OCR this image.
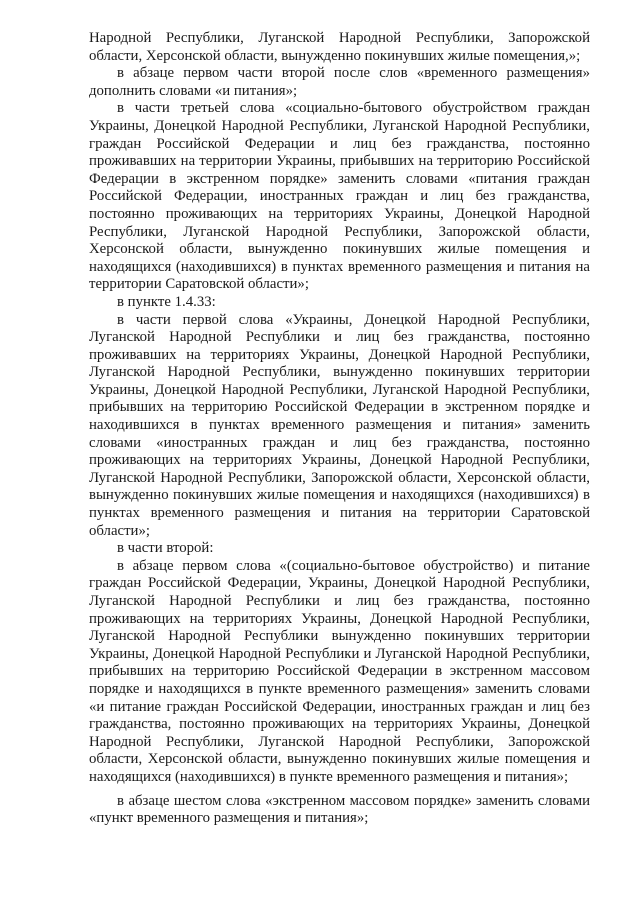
Народной Республики, Луганской Народной Республики, Запорожской области, Херсонской области, вынужденно покинувших жилые помещения,»;

в абзаце первом части второй после слов «временного размещения» дополнить словами «и питания»;

в части третьей слова «социально-бытового обустройством граждан Украины, Донецкой Народной Республики, Луганской Народной Республики, граждан Российской Федерации и лиц без гражданства, постоянно проживавших на территории Украины, прибывших на территорию Российской Федерации в экстренном порядке» заменить словами «питания граждан Российской Федерации, иностранных граждан и лиц без гражданства, постоянно проживающих на территориях Украины, Донецкой Народной Республики, Луганской Народной Республики, Запорожской области, Херсонской области, вынужденно покинувших жилые помещения и находящихся (находившихся) в пунктах временного размещения и питания на территории Саратовской области»;

в пункте 1.4.33:

в части первой слова «Украины, Донецкой Народной Республики, Луганской Народной Республики и лиц без гражданства, постоянно проживавших на территориях Украины, Донецкой Народной Республики, Луганской Народной Республики, вынужденно покинувших территории Украины, Донецкой Народной Республики, Луганской Народной Республики, прибывших на территорию Российской Федерации в экстренном порядке и находившихся в пунктах временного размещения и питания» заменить словами «иностранных граждан и лиц без гражданства, постоянно проживающих на территориях Украины, Донецкой Народной Республики, Луганской Народной Республики, Запорожской области, Херсонской области, вынужденно покинувших жилые помещения и находящихся (находившихся) в пунктах временного размещения и питания на территории Саратовской области»;

в части второй:

в абзаце первом слова «(социально-бытовое обустройство) и питание граждан Российской Федерации, Украины, Донецкой Народной Республики, Луганской Народной Республики и лиц без гражданства, постоянно проживающих на территориях Украины, Донецкой Народной Республики, Луганской Народной Республики вынужденно покинувших территории Украины, Донецкой Народной Республики и Луганской Народной Республики, прибывших на территорию Российской Федерации в экстренном массовом порядке и находящихся в пункте временного размещения» заменить словами «и питание граждан Российской Федерации, иностранных граждан и лиц без гражданства, постоянно проживающих на территориях Украины, Донецкой Народной Республики, Луганской Народной Республики, Запорожской области, Херсонской области, вынужденно покинувших жилые помещения и находящихся (находившихся) в пункте временного размещения и питания»;

в абзаце шестом слова «экстренном массовом порядке» заменить словами «пункт временного размещения и питания»;
